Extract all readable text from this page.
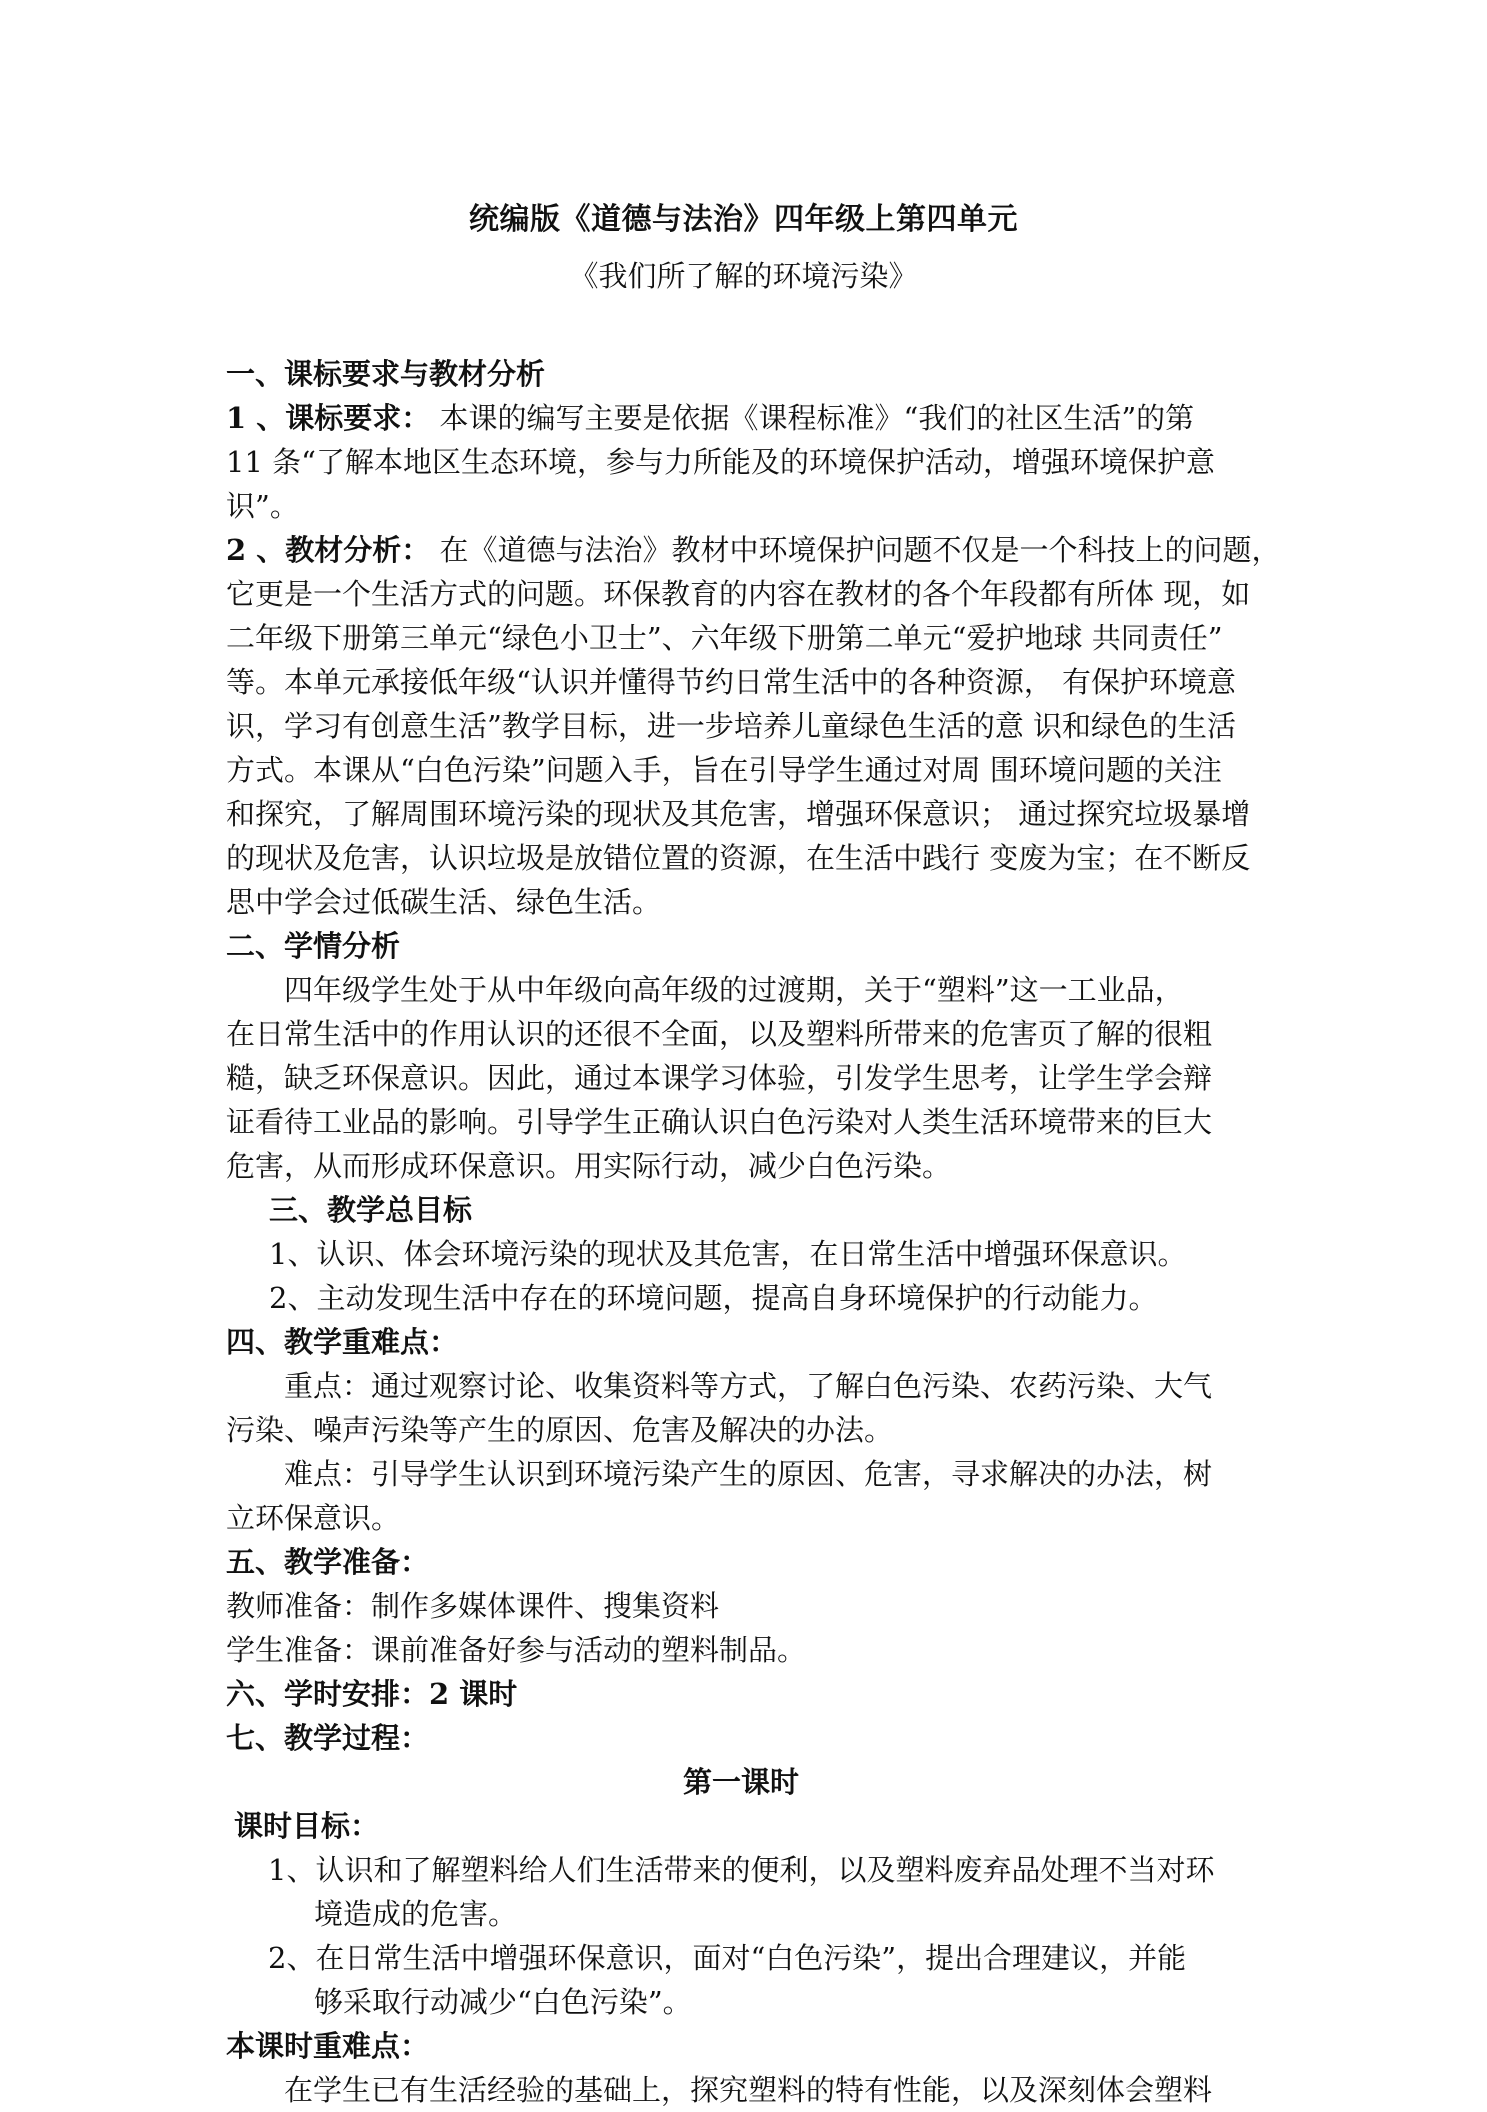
统编版《道德与法治》四年级上第四单元
《我们所了解的环境污染》

一、课标要求与教材分析

1 、课标要求： 本课的编写主要是依据《课程标准》“我们的社区生活”的第

11 条“了解本地区生态环境，参与力所能及的环境保护活动，增强环境保护意

识”。

2 、教材分析： 在《道德与法治》教材中环境保护问题不仅是一个科技上的问题，

它更是一个生活方式的问题。环保教育的内容在教材的各个年段都有所体 现，如

二年级下册第三单元“绿色小卫士”、六年级下册第二单元“爱护地球 共同责任”

等。本单元承接低年级“认识并懂得节约日常生活中的各种资源， 有保护环境意

识，学习有创意生活”教学目标，进一步培养儿童绿色生活的意 识和绿色的生活

方式。本课从“白色污染”问题入手，旨在引导学生通过对周 围环境问题的关注

和探究，了解周围环境污染的现状及其危害，增强环保意识； 通过探究垃圾暴增

的现状及危害，认识垃圾是放错位置的资源，在生活中践行 变废为宝；在不断反

思中学会过低碳生活、绿色生活。

二、学情分析

四年级学生处于从中年级向高年级的过渡期，关于“塑料”这一工业品，

在日常生活中的作用认识的还很不全面，以及塑料所带来的危害页了解的很粗

糙，缺乏环保意识。因此，通过本课学习体验，引发学生思考，让学生学会辩

证看待工业品的影响。引导学生正确认识白色污染对人类生活环境带来的巨大

危害，从而形成环保意识。用实际行动，减少白色污染。

三、教学总目标

1、认识、体会环境污染的现状及其危害，在日常生活中增强环保意识。

2、主动发现生活中存在的环境问题，提高自身环境保护的行动能力。

四、教学重难点：

重点：通过观察讨论、收集资料等方式，了解白色污染、农药污染、大气

污染、噪声污染等产生的原因、危害及解决的办法。

难点：引导学生认识到环境污染产生的原因、危害，寻求解决的办法，树

立环保意识。

五、教学准备：

教师准备：制作多媒体课件、搜集资料

学生准备：课前准备好参与活动的塑料制品。

六、学时安排：2 课时

七、教学过程：

第一课时

课时目标：

1、认识和了解塑料给人们生活带来的便利，以及塑料废弃品处理不当对环

境造成的危害。

2、在日常生活中增强环保意识，面对“白色污染”，提出合理建议，并能

够采取行动减少“白色污染”。

本课时重难点：

在学生已有生活经验的基础上，探究塑料的特有性能，以及深刻体会塑料
